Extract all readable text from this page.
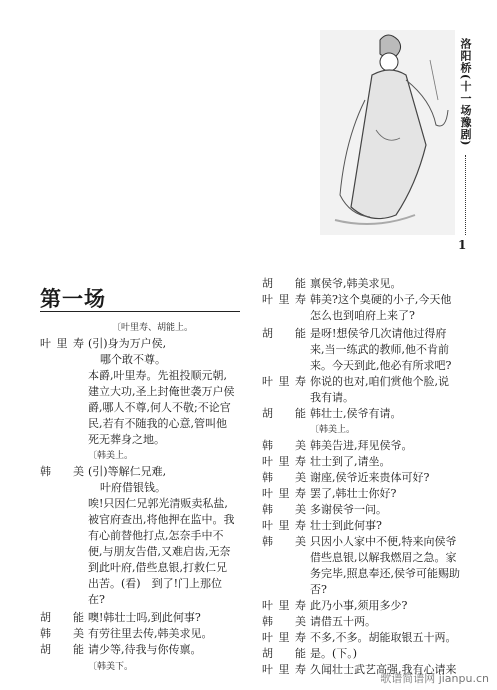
洛阳桥(十一场豫剧)
1
第一场
〔叶里寿、胡能上。
叶里寿 (引)身为万户侯,
哪个敢不尊。
本爵,叶里寿。先祖投顺元朝,
建立大功,圣上封俺世袭万户侯
爵,哪人不尊,何人不敬;不论官
民,若有不随我的心意,管叫他
死无葬身之地。
〔韩美上。
韩　美 (引)等解仁兄难,
叶府借银钱。
唉!只因仁兄郭光清贩卖私盐,
被官府查出,将他押在监中。我
有心前替他打点,怎奈手中不
便,与朋友告借,又难启齿,无奈
到此叶府,借些息银,打救仁兄
出苦。(看)　到了!门上那位
在?
胡　能 噢!韩壮士吗,到此何事?
韩　美 有劳往里去传,韩美求见。
胡　能 请少等,待我与你传禀。
〔韩美下。
胡　能 禀侯爷,韩美求见。
叶里寿 韩美?这个臭硬的小子,今天他
怎么也到咱府上来了?
胡　能 是呀!想侯爷几次请他过得府
来,当一练武的教师,他不肯前
来。今天到此,他必有所求吧?
叶里寿 你说的也对,咱们赏他个脸,说
我有请。
胡　能 韩壮士,侯爷有请。
〔韩美上。
韩　美 韩美告进,拜见侯爷。
叶里寿 壮士到了,请坐。
韩　美 谢座,侯爷近来贵体可好?
叶里寿 罢了,韩壮士你好?
韩　美 多谢侯爷一问。
叶里寿 壮士到此何事?
韩　美 只因小人家中不便,特来向侯爷
借些息银,以解我燃眉之急。家
务完毕,照息奉还,侯爷可能赐助
否?
叶里寿 此乃小事,须用多少?
韩　美 请借五十两。
叶里寿 不多,不多。胡能取银五十两。
胡　能 是。(下。)
叶里寿 久闻壮士武艺高强,我有心请来
歌谱简谱网 jianpu.cn
